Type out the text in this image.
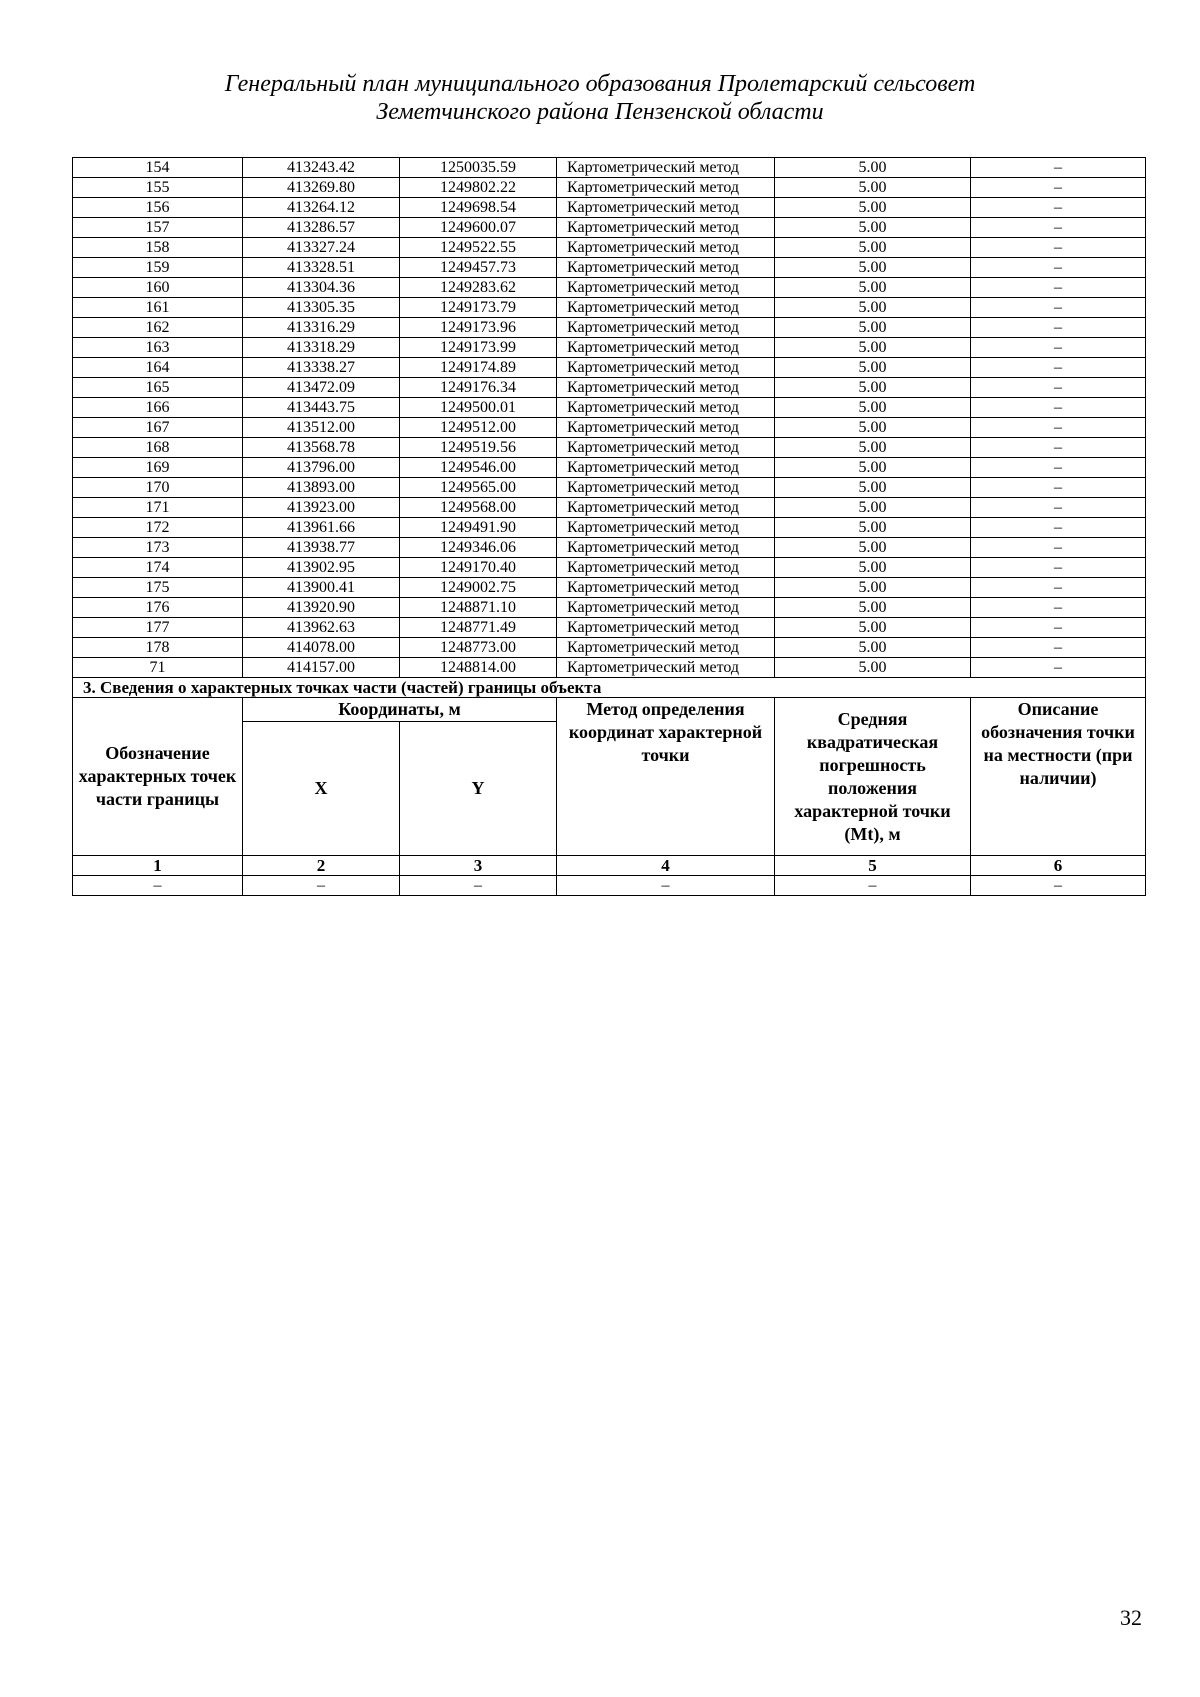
Генеральный план муниципального образования Пролетарский сельсовет
Земетчинского района Пензенской области
154	413243.42	1250035.59	Картометрический метод	5.00	–
155	413269.80	1249802.22	Картометрический метод	5.00	–
156	413264.12	1249698.54	Картометрический метод	5.00	–
157	413286.57	1249600.07	Картометрический метод	5.00	–
158	413327.24	1249522.55	Картометрический метод	5.00	–
159	413328.51	1249457.73	Картометрический метод	5.00	–
160	413304.36	1249283.62	Картометрический метод	5.00	–
161	413305.35	1249173.79	Картометрический метод	5.00	–
162	413316.29	1249173.96	Картометрический метод	5.00	–
163	413318.29	1249173.99	Картометрический метод	5.00	–
164	413338.27	1249174.89	Картометрический метод	5.00	–
165	413472.09	1249176.34	Картометрический метод	5.00	–
166	413443.75	1249500.01	Картометрический метод	5.00	–
167	413512.00	1249512.00	Картометрический метод	5.00	–
168	413568.78	1249519.56	Картометрический метод	5.00	–
169	413796.00	1249546.00	Картометрический метод	5.00	–
170	413893.00	1249565.00	Картометрический метод	5.00	–
171	413923.00	1249568.00	Картометрический метод	5.00	–
172	413961.66	1249491.90	Картометрический метод	5.00	–
173	413938.77	1249346.06	Картометрический метод	5.00	–
174	413902.95	1249170.40	Картометрический метод	5.00	–
175	413900.41	1249002.75	Картометрический метод	5.00	–
176	413920.90	1248871.10	Картометрический метод	5.00	–
177	413962.63	1248771.49	Картометрический метод	5.00	–
178	414078.00	1248773.00	Картометрический метод	5.00	–
71	414157.00	1248814.00	Картометрический метод	5.00	–
3. Сведения о характерных точках части (частей) границы объекта					
Обозначение характерных точек части границы	Координаты, м		Метод определения координат характерной точки	Средняя квадратическая погрешность положения характерной точки (Mt), м	Описание обозначения точки на местности (при наличии)
	X	Y			
1	2	3	4	5	6
–	–	–	–	–	–
32
